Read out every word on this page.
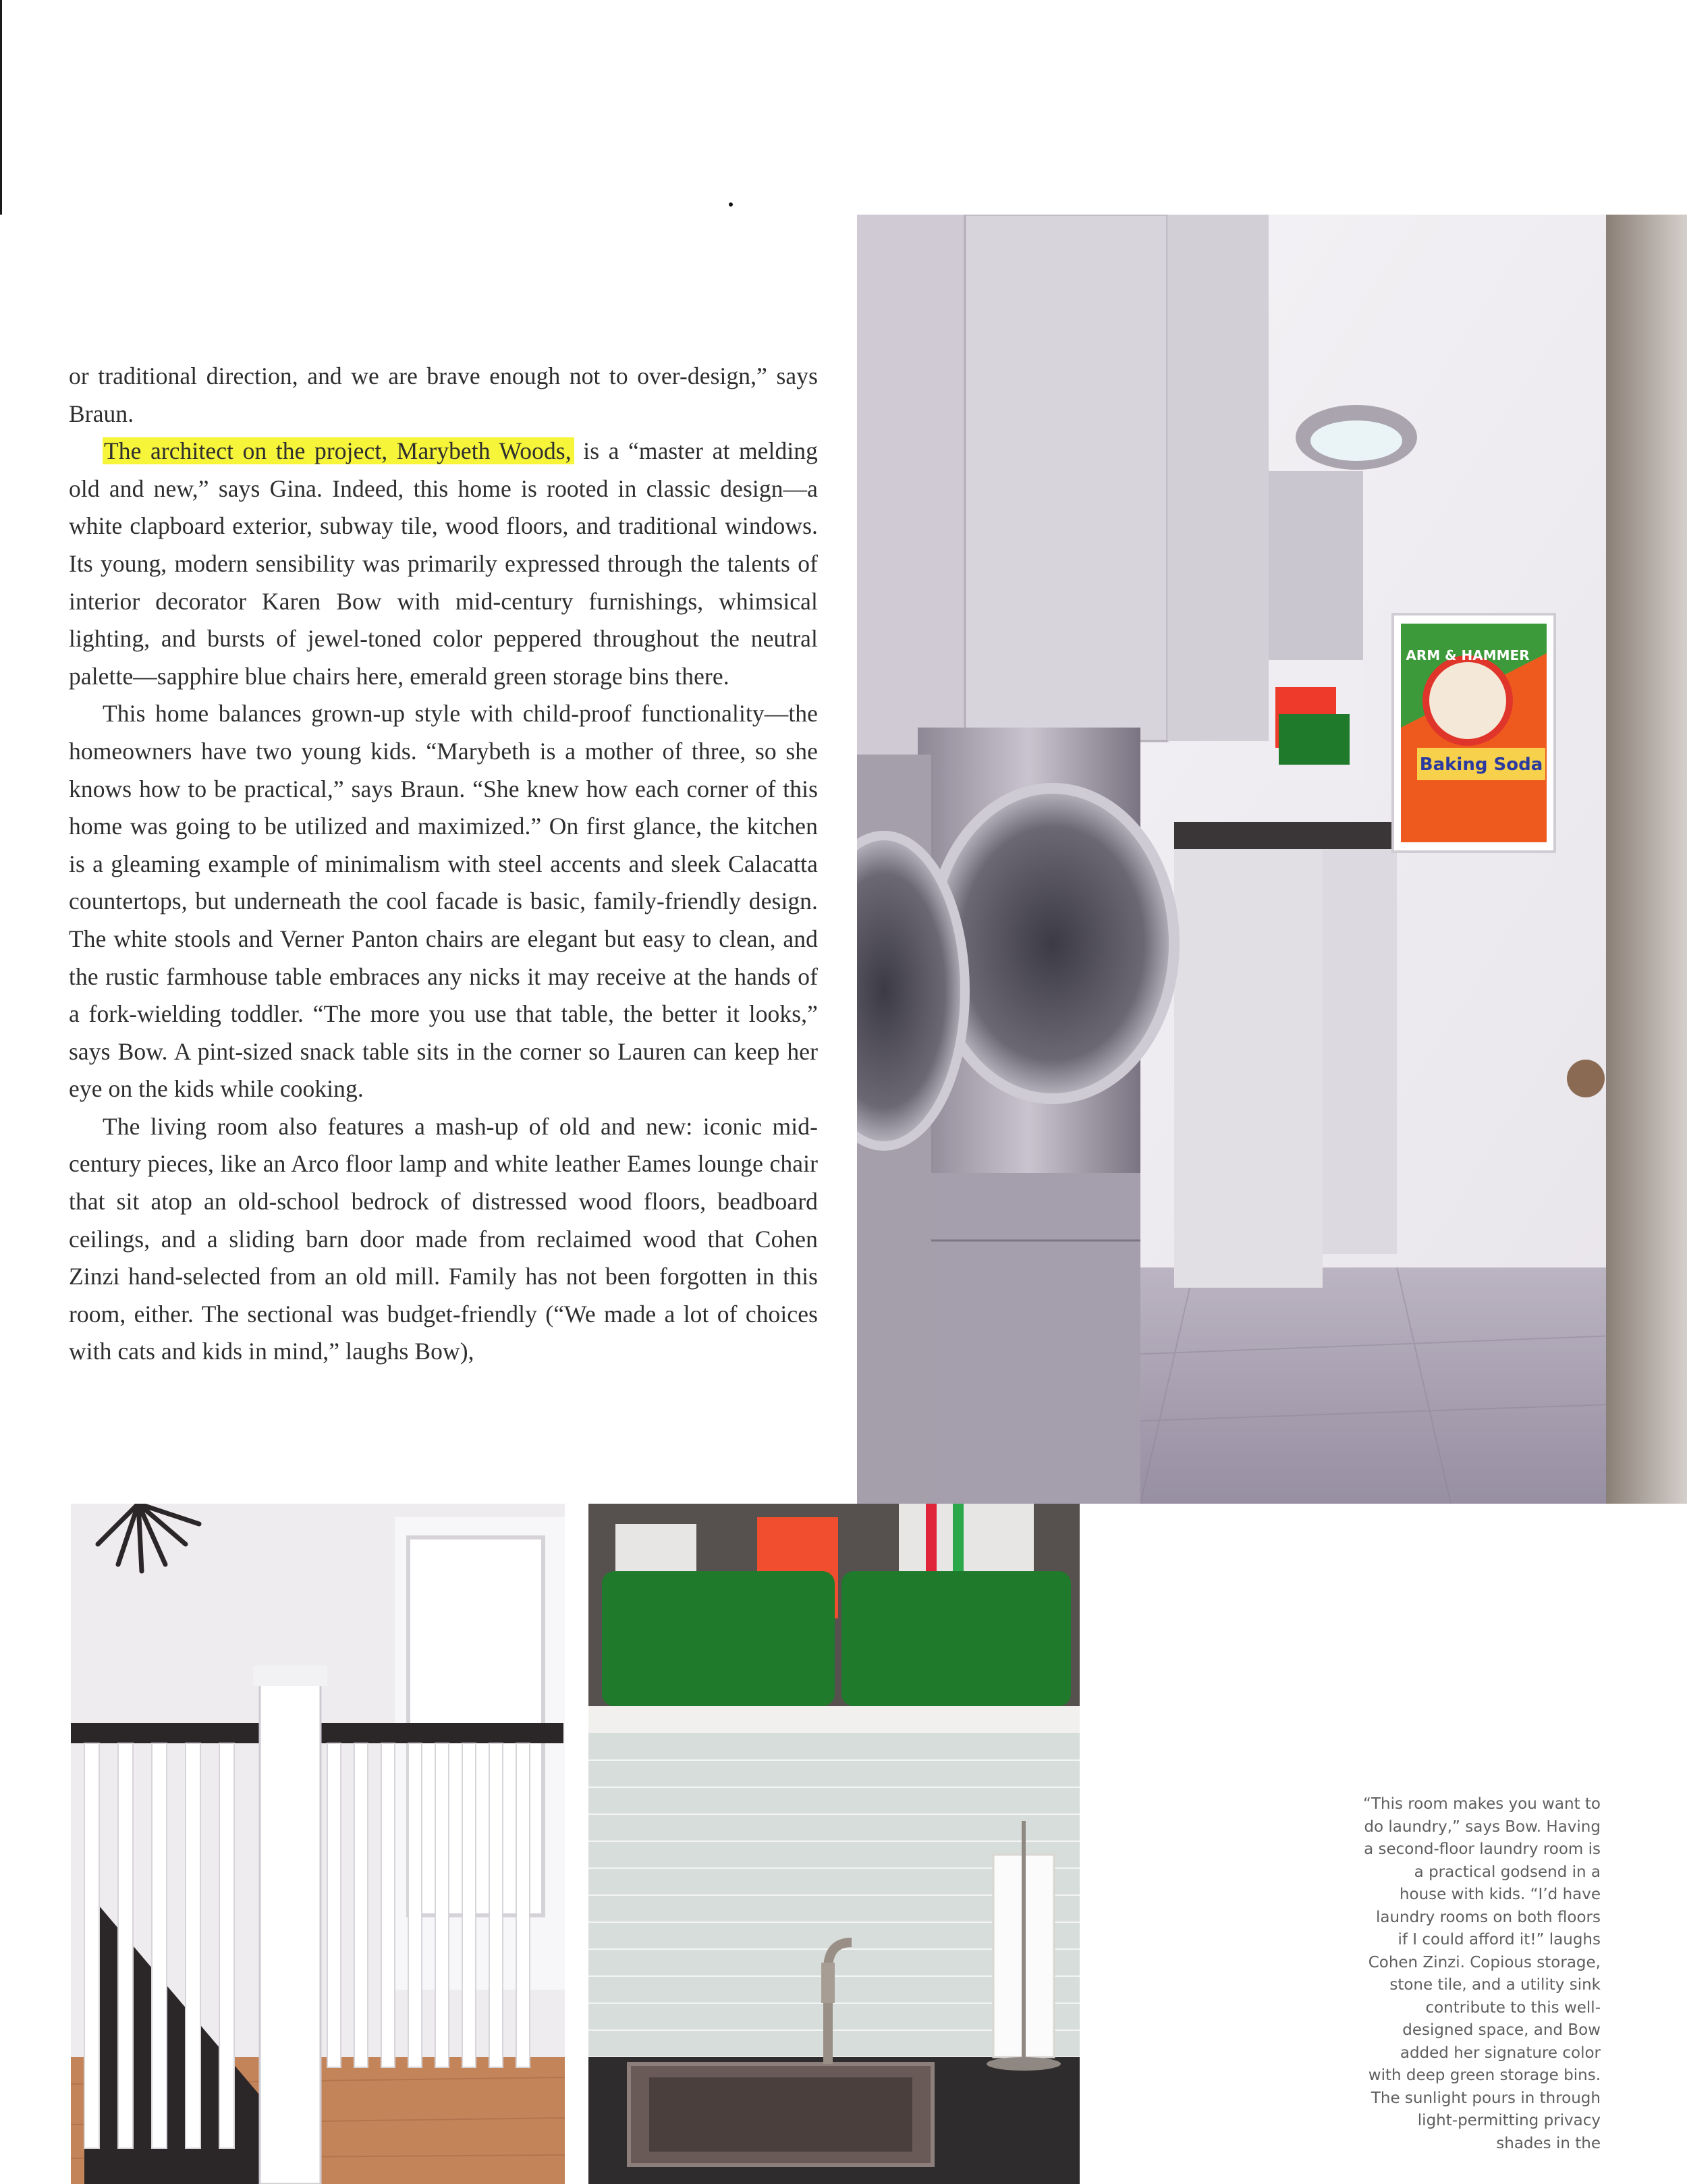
or traditional direction, and we are brave enough not to over-design,” says Braun.

The architect on the project, Marybeth Woods, is a “master at melding old and new,” says Gina. Indeed, this home is rooted in classic design—a white clapboard exterior, subway tile, wood floors, and traditional windows. Its young, modern sensibility was primarily expressed through the talents of interior decorator Karen Bow with mid-century furnishings, whimsical lighting, and bursts of jewel-toned color peppered throughout the neutral palette—sapphire blue chairs here, emerald green storage bins there.

This home balances grown-up style with child-proof functionality—the homeowners have two young kids. “Marybeth is a mother of three, so she knows how to be practical,” says Braun. “She knew how each corner of this home was going to be utilized and maximized.” On first glance, the kitchen is a gleaming example of minimalism with steel accents and sleek Calacatta countertops, but underneath the cool facade is basic, family-friendly design. The white stools and Verner Panton chairs are elegant but easy to clean, and the rustic farmhouse table embraces any nicks it may receive at the hands of a fork-wielding toddler. “The more you use that table, the better it looks,” says Bow. A pint-sized snack table sits in the corner so Lauren can keep her eye on the kids while cooking.

The living room also features a mash-up of old and new: iconic mid-century pieces, like an Arco floor lamp and white leather Eames lounge chair that sit atop an old-school bedrock of distressed wood floors, beadboard ceilings, and a sliding barn door made from reclaimed wood that Cohen Zinzi hand-selected from an old mill. Family has not been forgotten in this room, either. The sectional was budget-friendly (“We made a lot of choices with cats and kids in mind,” laughs Bow),

ARM & HAMMER
Baking Soda
“This room makes you want to do laundry,” says Bow. Having a second-floor laundry room is a practical godsend in a house with kids. “I’d have laundry rooms on both floors if I could afford it!” laughs Cohen Zinzi. Copious storage, stone tile, and a utility sink contribute to this well-designed space, and Bow added her signature color with deep green storage bins. The sunlight pours in through light-permitting privacy shades in the
